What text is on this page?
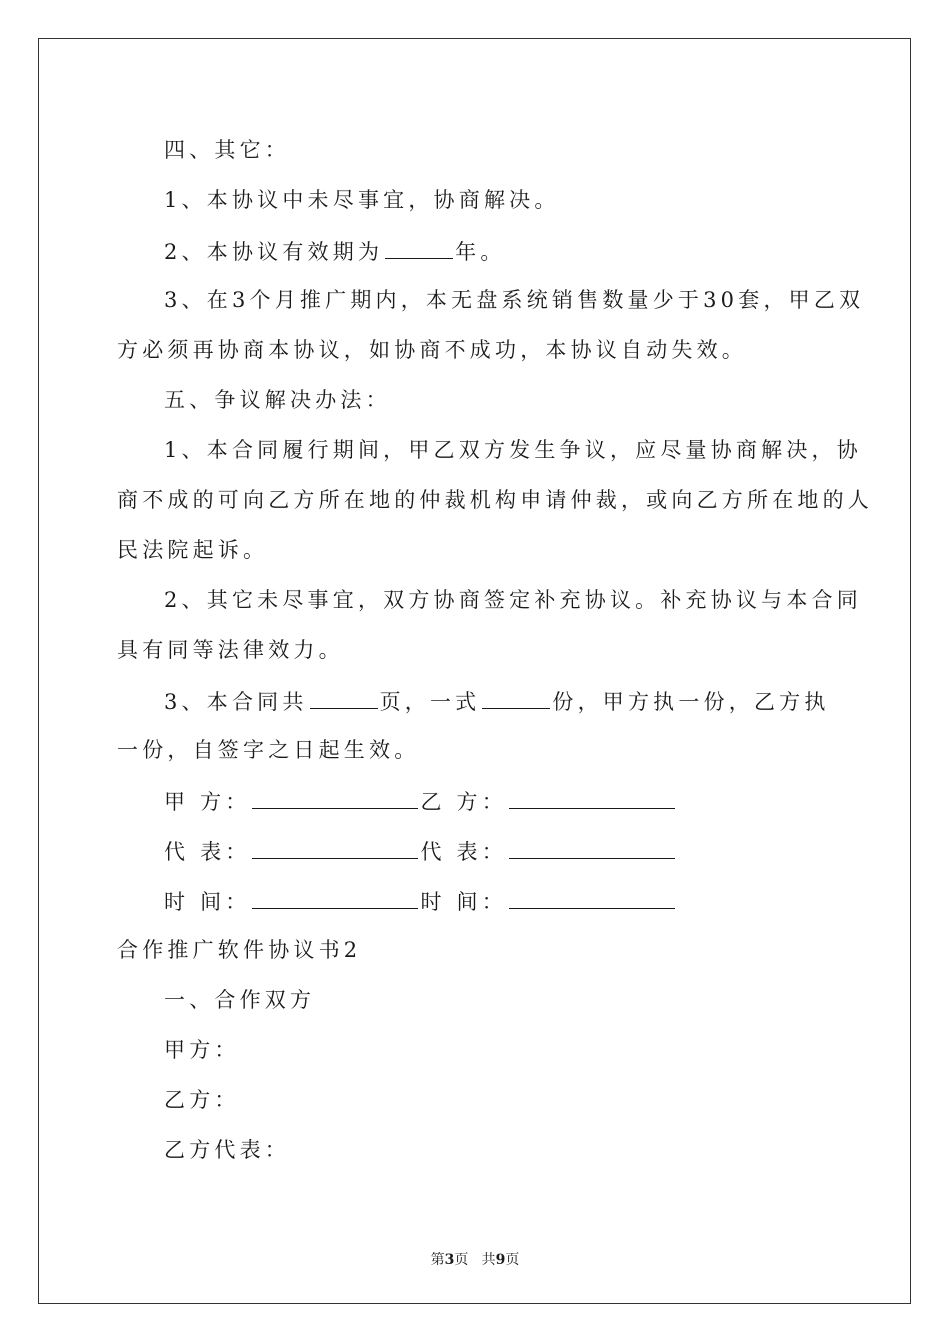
四、其它：
1、本协议中未尽事宜，协商解决。
2、本协议有效期为	年。
3、在3个月推广期内，本无盘系统销售数量少于30套，甲乙双
方必须再协商本协议，如协商不成功，本协议自动失效。
五、争议解决办法：
1、本合同履行期间，甲乙双方发生争议，应尽量协商解决，协
商不成的可向乙方所在地的仲裁机构申请仲裁，或向乙方所在地的人
民法院起诉。
2、其它未尽事宜，双方协商签定补充协议。补充协议与本合同
具有同等法律效力。
3、本合同共	页，一式	份，甲方执一份，乙方执
一份，自签字之日起生效。
甲 方：	乙 方：
代 表：	代 表：
时 间：	时 间：
合作推广软件协议书2
一、合作双方
甲方：
乙方：
乙方代表：
第3页 共9页
